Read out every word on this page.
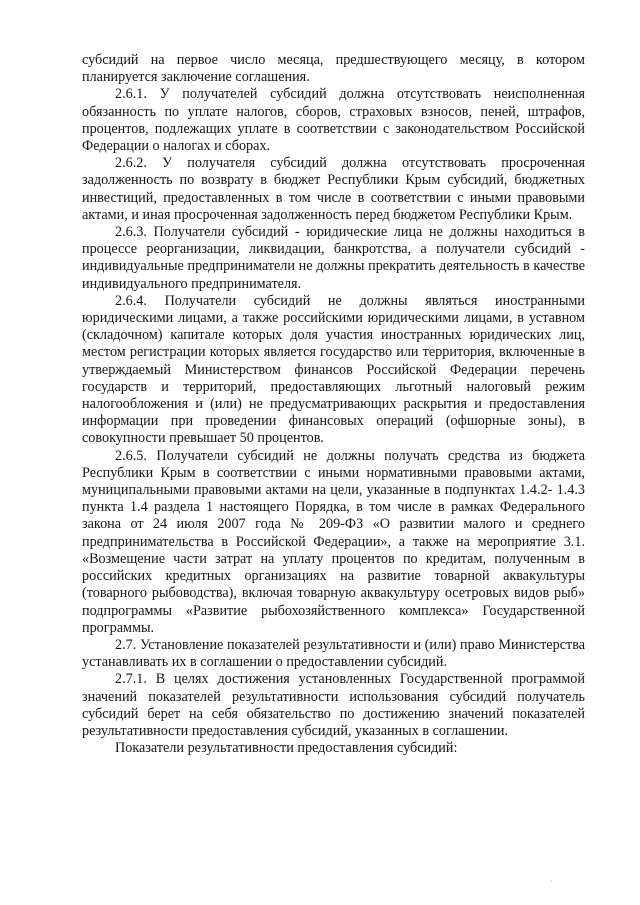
субсидий на первое число месяца, предшествующего месяцу, в котором планируется заключение соглашения.

2.6.1. У получателей субсидий должна отсутствовать неисполненная обязанность по уплате налогов, сборов, страховых взносов, пеней, штрафов, процентов, подлежащих уплате в соответствии с законодательством Российской Федерации о налогах и сборах.

2.6.2. У получателя субсидий должна отсутствовать просроченная задолженность по возврату в бюджет Республики Крым субсидий, бюджетных инвестиций, предоставленных в том числе в соответствии с иными правовыми актами, и иная просроченная задолженность перед бюджетом Республики Крым.

2.6.3. Получатели субсидий - юридические лица не должны находиться в процессе реорганизации, ликвидации, банкротства, а получатели субсидий - индивидуальные предприниматели не должны прекратить деятельность в качестве индивидуального предпринимателя.

2.6.4. Получатели субсидий не должны являться иностранными юридическими лицами, а также российскими юридическими лицами, в уставном (складочном) капитале которых доля участия иностранных юридических лиц, местом регистрации которых является государство или территория, включенные в утверждаемый Министерством финансов Российской Федерации перечень государств и территорий, предоставляющих льготный налоговый режим налогообложения и (или) не предусматривающих раскрытия и предоставления информации при проведении финансовых операций (офшорные зоны), в совокупности превышает 50 процентов.

2.6.5. Получатели субсидий не должны получать средства из бюджета Республики Крым в соответствии с иными нормативными правовыми актами, муниципальными правовыми актами на цели, указанные в подпунктах 1.4.2- 1.4.3 пункта 1.4 раздела 1 настоящего Порядка, в том числе в рамках Федерального закона от 24 июля 2007 года № 209-ФЗ «О развитии малого и среднего предпринимательства в Российской Федерации», а также на мероприятие 3.1. «Возмещение части затрат на уплату процентов по кредитам, полученным в российских кредитных организациях на развитие товарной аквакультуры (товарного рыбоводства), включая товарную аквакультуру осетровых видов рыб» подпрограммы «Развитие рыбохозяйственного комплекса» Государственной программы.

2.7. Установление показателей результативности и (или) право Министерства устанавливать их в соглашении о предоставлении субсидий.

2.7.1. В целях достижения установленных Государственной программой значений показателей результативности использования субсидий получатель субсидий берет на себя обязательство по достижению значений показателей результативности предоставления субсидий, указанных в соглашении.

Показатели результативности предоставления субсидий:
